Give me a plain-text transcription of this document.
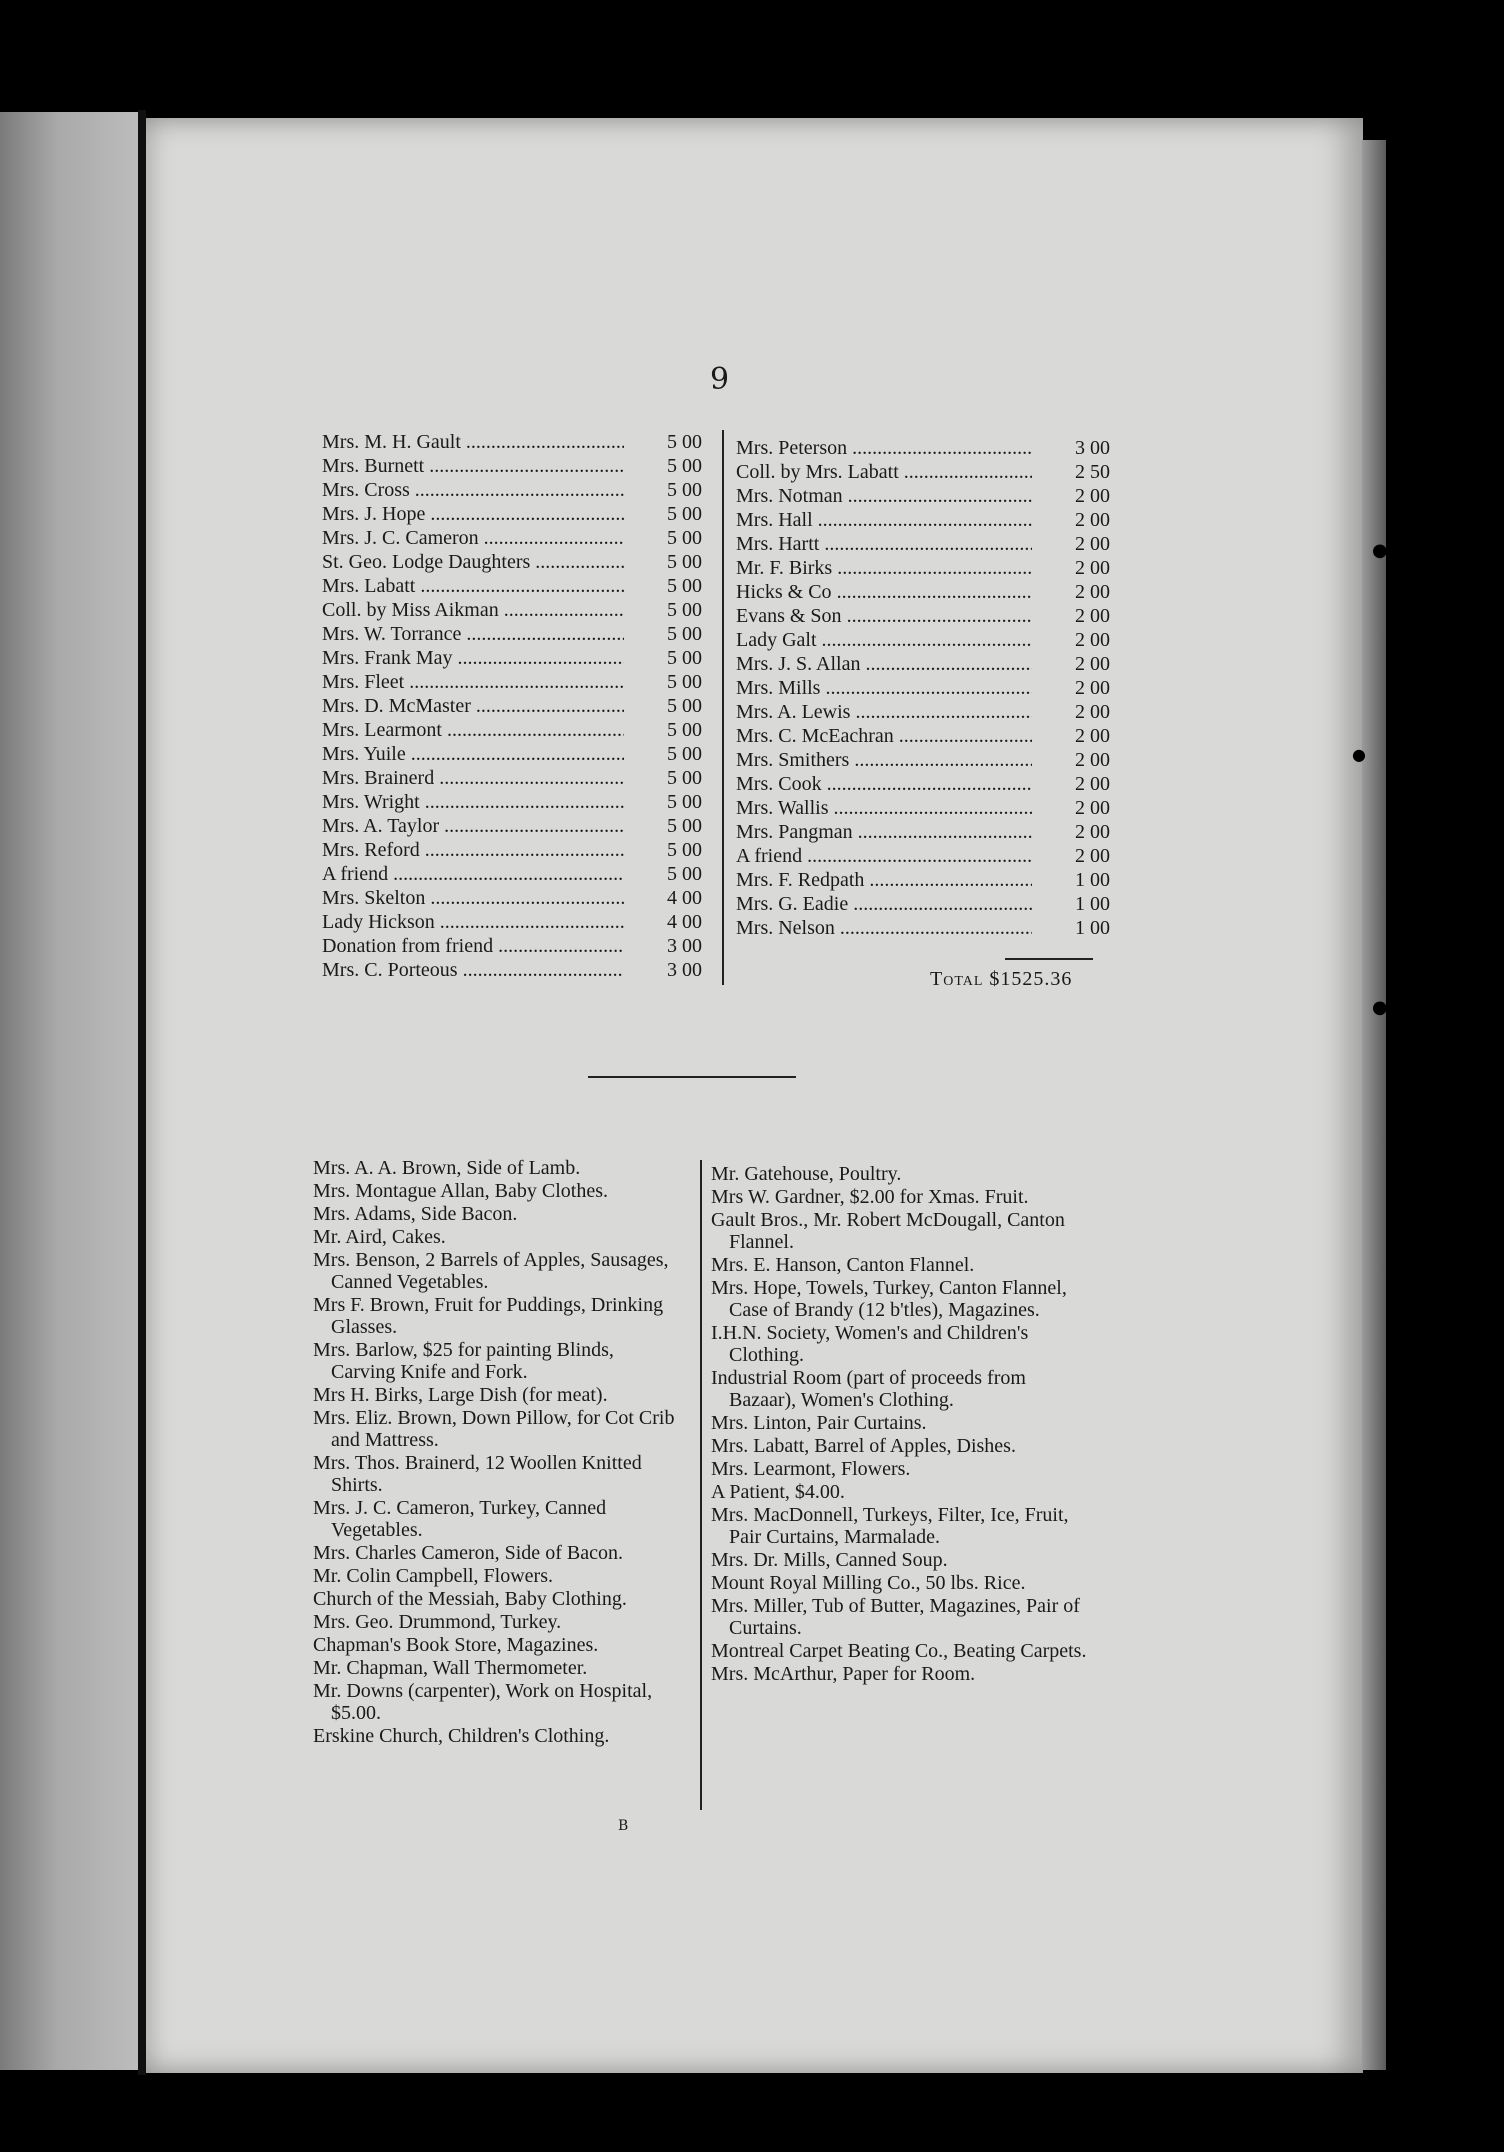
●●●
●●●
●
9
Mrs. M. H. Gault .....	5 00
Mrs. Burnett .....	5 00
Mrs. Cross .....	5 00
Mrs. J. Hope .....	5 00
Mrs. J. C. Cameron .....	5 00
St. Geo. Lodge Daughters .....	5 00
Mrs. Labatt .....	5 00
Coll. by Miss Aikman .....	5 00
Mrs. W. Torrance .....	5 00
Mrs. Frank May .....	5 00
Mrs. Fleet .....	5 00
Mrs. D. McMaster .....	5 00
Mrs. Learmont .....	5 00
Mrs. Yuile .....	5 00
Mrs. Brainerd .....	5 00
Mrs. Wright .....	5 00
Mrs. A. Taylor .....	5 00
Mrs. Reford .....	5 00
A friend .....	5 00
Mrs. Skelton .....	4 00
Lady Hickson .....	4 00
Donation from friend .....	3 00
Mrs. C. Porteous .....	3 00
Mrs. Peterson .....	3 00
Coll. by Mrs. Labatt .....	2 50
Mrs. Notman .....	2 00
Mrs. Hall .....	2 00
Mrs. Hartt .....	2 00
Mr. F. Birks .....	2 00
Hicks & Co .....	2 00
Evans & Son .....	2 00
Lady Galt .....	2 00
Mrs. J. S. Allan .....	2 00
Mrs. Mills .....	2 00
Mrs. A. Lewis .....	2 00
Mrs. C. McEachran .....	2 00
Mrs. Smithers .....	2 00
Mrs. Cook .....	2 00
Mrs. Wallis .....	2 00
Mrs. Pangman .....	2 00
A friend .....	2 00
Mrs. F. Redpath .....	1 00
Mrs. G. Eadie .....	1 00
Mrs. Nelson .....	1 00
Total $1525.36

Mrs. A. A. Brown, Side of Lamb.

Mrs. Montague Allan, Baby Clothes.

Mrs. Adams, Side Bacon.

Mr. Aird, Cakes.

Mrs. Benson, 2 Barrels of Apples, Sausages, Canned Vegetables.

Mrs F. Brown, Fruit for Puddings, Drinking Glasses.

Mrs. Barlow, $25 for painting Blinds, Carving Knife and Fork.

Mrs H. Birks, Large Dish (for meat).

Mrs. Eliz. Brown, Down Pillow, for Cot Crib and Mattress.

Mrs. Thos. Brainerd, 12 Woollen Knitted Shirts.

Mrs. J. C. Cameron, Turkey, Canned Vegetables.

Mrs. Charles Cameron, Side of Bacon.

Mr. Colin Campbell, Flowers.

Church of the Messiah, Baby Clothing.

Mrs. Geo. Drummond, Turkey.

Chapman's Book Store, Magazines.

Mr. Chapman, Wall Thermometer.

Mr. Downs (carpenter), Work on Hospital, $5.00.

Erskine Church, Children's Clothing.

Mr. Gatehouse, Poultry.

Mrs W. Gardner, $2.00 for Xmas. Fruit.

Gault Bros., Mr. Robert McDougall, Canton Flannel.

Mrs. E. Hanson, Canton Flannel.

Mrs. Hope, Towels, Turkey, Canton Flannel, Case of Brandy (12 b'tles), Magazines.

I.H.N. Society, Women's and Children's Clothing.

Industrial Room (part of proceeds from Bazaar), Women's Clothing.

Mrs. Linton, Pair Curtains.

Mrs. Labatt, Barrel of Apples, Dishes.

Mrs. Learmont, Flowers.

A Patient, $4.00.

Mrs. MacDonnell, Turkeys, Filter, Ice, Fruit, Pair Curtains, Marmalade.

Mrs. Dr. Mills, Canned Soup.

Mount Royal Milling Co., 50 lbs. Rice.

Mrs. Miller, Tub of Butter, Magazines, Pair of Curtains.

Montreal Carpet Beating Co., Beating Carpets.

Mrs. McArthur, Paper for Room.

B
